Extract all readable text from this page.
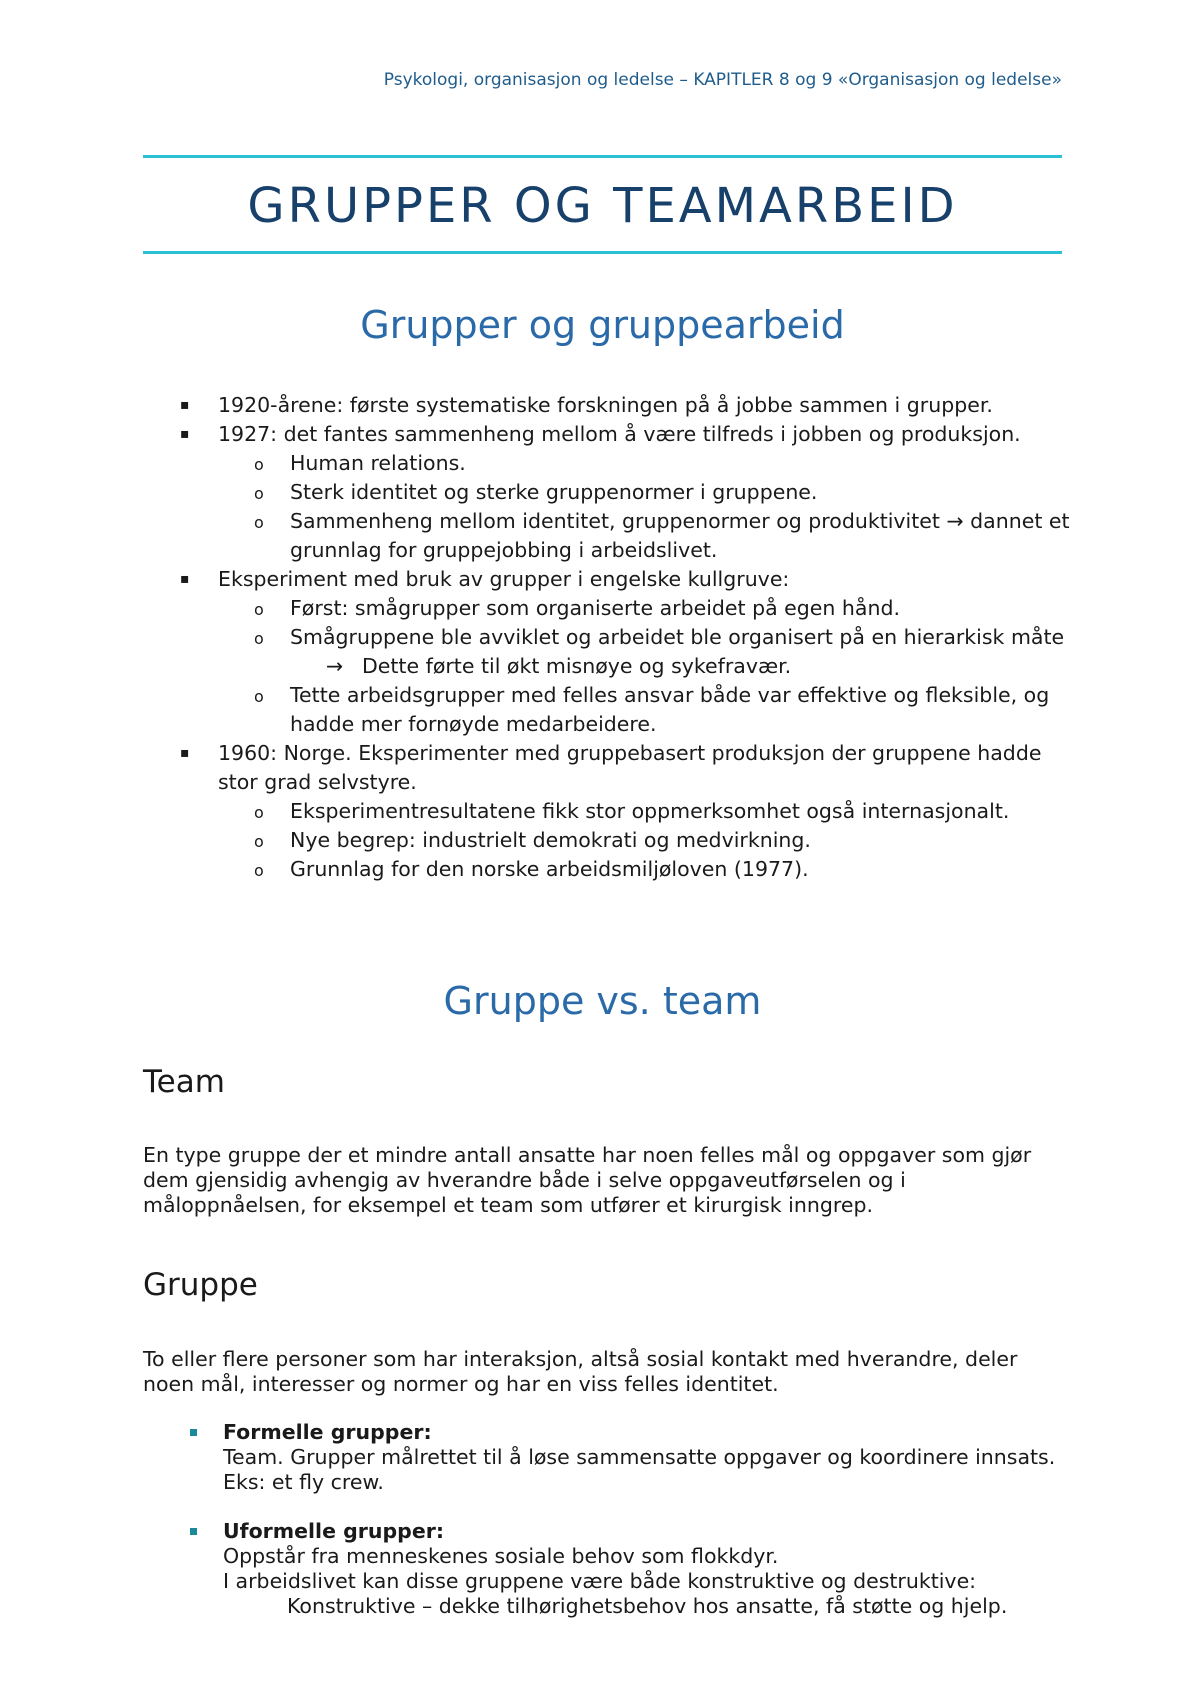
Psykologi, organisasjon og ledelse – KAPITLER 8 og 9 «Organisasjon og ledelse»
GRUPPER OG TEAMARBEID
Grupper og gruppearbeid
▪ 1920-årene: første systematiske forskningen på å jobbe sammen i grupper.
▪ 1927: det fantes sammenheng mellom å være tilfreds i jobben og produksjon.
o Human relations.
o Sterk identitet og sterke gruppenormer i gruppene.
o Sammenheng mellom identitet, gruppenormer og produktivitet → dannet et grunnlag for gruppejobbing i arbeidslivet.
▪ Eksperiment med bruk av grupper i engelske kullgruve:
o Først: smågrupper som organiserte arbeidet på egen hånd.
o Smågruppene ble avviklet og arbeidet ble organisert på en hierarkisk måte
→ Dette førte til økt misnøye og sykefravær.
o Tette arbeidsgrupper med felles ansvar både var effektive og fleksible, og hadde mer fornøyde medarbeidere.
▪ 1960: Norge. Eksperimenter med gruppebasert produksjon der gruppene hadde stor grad selvstyre.
o Eksperimentresultatene fikk stor oppmerksomhet også internasjonalt.
o Nye begrep: industrielt demokrati og medvirkning.
o Grunnlag for den norske arbeidsmiljøloven (1977).
Gruppe vs. team
Team

En type gruppe der et mindre antall ansatte har noen felles mål og oppgaver som gjør dem gjensidig avhengig av hverandre både i selve oppgaveutførselen og i måloppnåelsen, for eksempel et team som utfører et kirurgisk inngrep.

Gruppe

To eller flere personer som har interaksjon, altså sosial kontakt med hverandre, deler noen mål, interesser og normer og har en viss felles identitet.

Formelle grupper:
Team. Grupper målrettet til å løse sammensatte oppgaver og koordinere innsats. Eks: et fly crew.
Uformelle grupper:
Oppstår fra menneskenes sosiale behov som flokkdyr.
I arbeidslivet kan disse gruppene være både konstruktive og destruktive:
Konstruktive – dekke tilhørighetsbehov hos ansatte, få støtte og hjelp.
